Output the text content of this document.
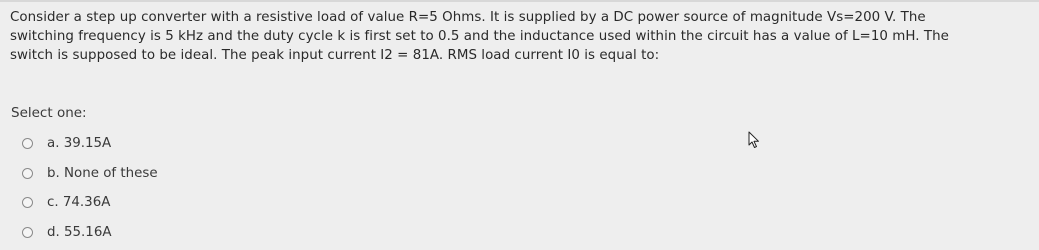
Consider a step up converter with a resistive load of value R=5 Ohms. It is supplied by a DC power source of magnitude Vs=200 V. The

switching frequency is 5 kHz and the duty cycle k is first set to 0.5 and the inductance used within the circuit has a value of L=10 mH. The

switch is supposed to be ideal. The peak input current I2 = 81A. RMS load current I0 is equal to:

Select one:
a. 39.15A
b. None of these
c. 74.36A
d. 55.16A
